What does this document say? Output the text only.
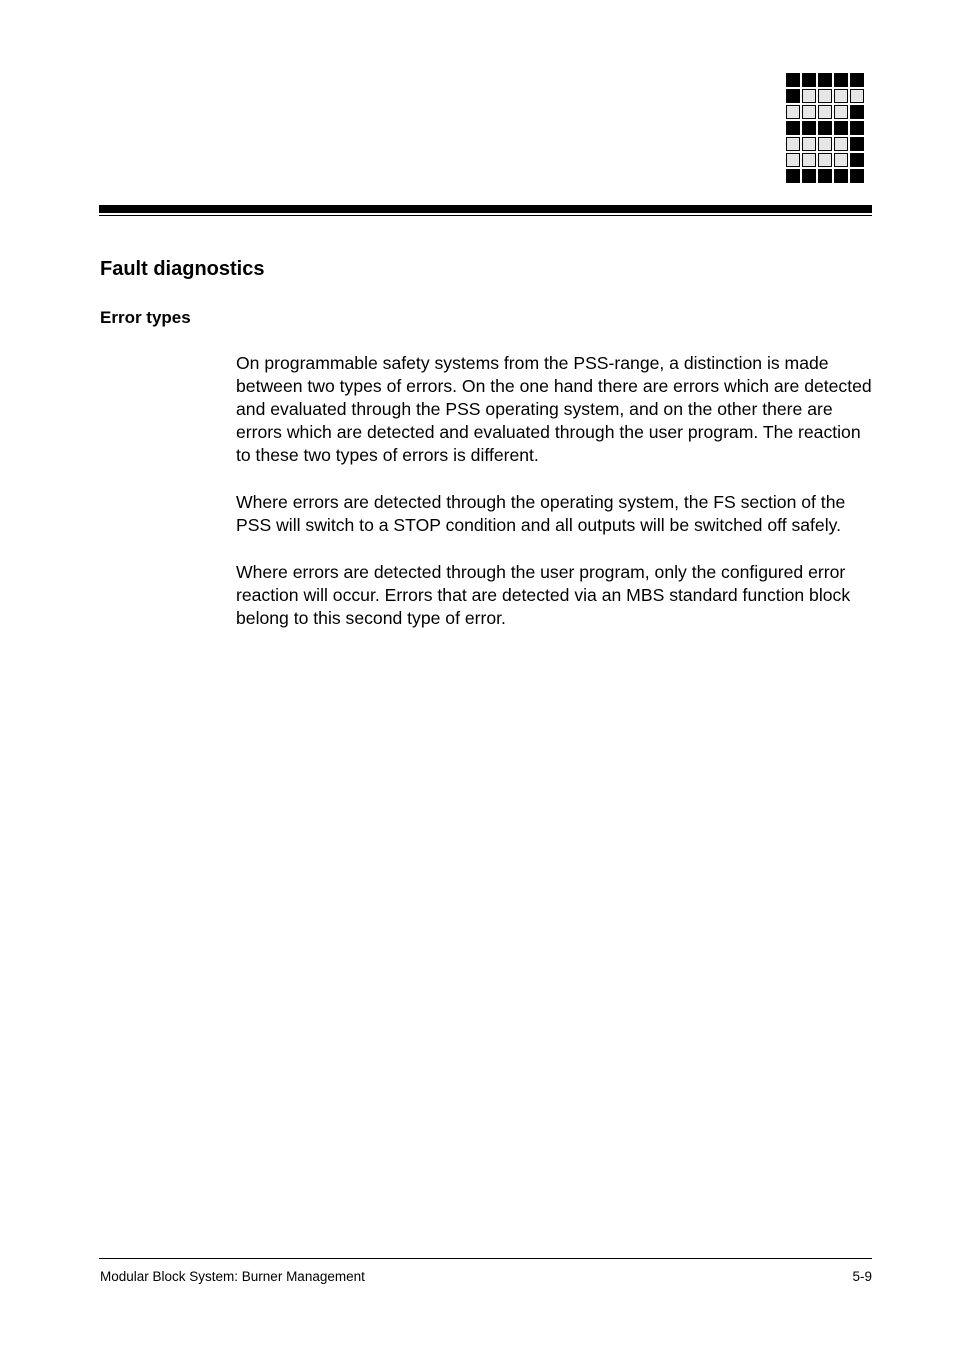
Fault diagnostics
Error types

On programmable safety systems from the PSS-range, a distinction is made between two types of errors. On the one hand there are errors which are detected and evaluated through the PSS operating system, and on the other there are errors which are detected and evaluated through the user program. The reaction to these two types of errors is different.

Where errors are detected through the operating system, the FS section of the PSS will switch to a STOP condition and all outputs will be switched off safely.

Where errors are detected through the user program, only the configured error reaction will occur. Errors that are detected via an MBS standard function block belong to this second type of error.

Modular Block System: Burner Management	5-9
